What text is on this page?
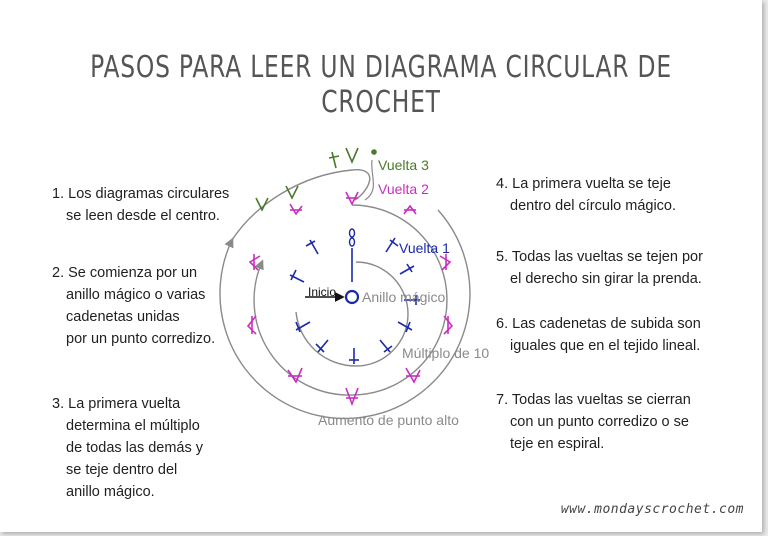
PASOS PARA LEER UN DIAGRAMA CIRCULAR DE CROCHET
1. Los diagramas circulares
se leen desde el centro.
2. Se comienza por un
anillo mágico o varias
cadenetas unidas
por un punto corredizo.
3. La primera vuelta
determina el múltiplo
de todas las demás y
se teje dentro del
anillo mágico.
4. La primera vuelta se teje
dentro del círculo mágico.
5. Todas las vueltas se tejen por
el derecho sin girar la prenda.
6. Las cadenetas de subida son
iguales que en el tejido lineal.
7. Todas las vueltas se cierran
con un punto corredizo o se
teje en espiral.
Vuelta 3
Vuelta 2
Vuelta 1
Inicio Anillo mágico
Múltiplo de 10
Aumento de punto alto
www.mondayscrochet.com
